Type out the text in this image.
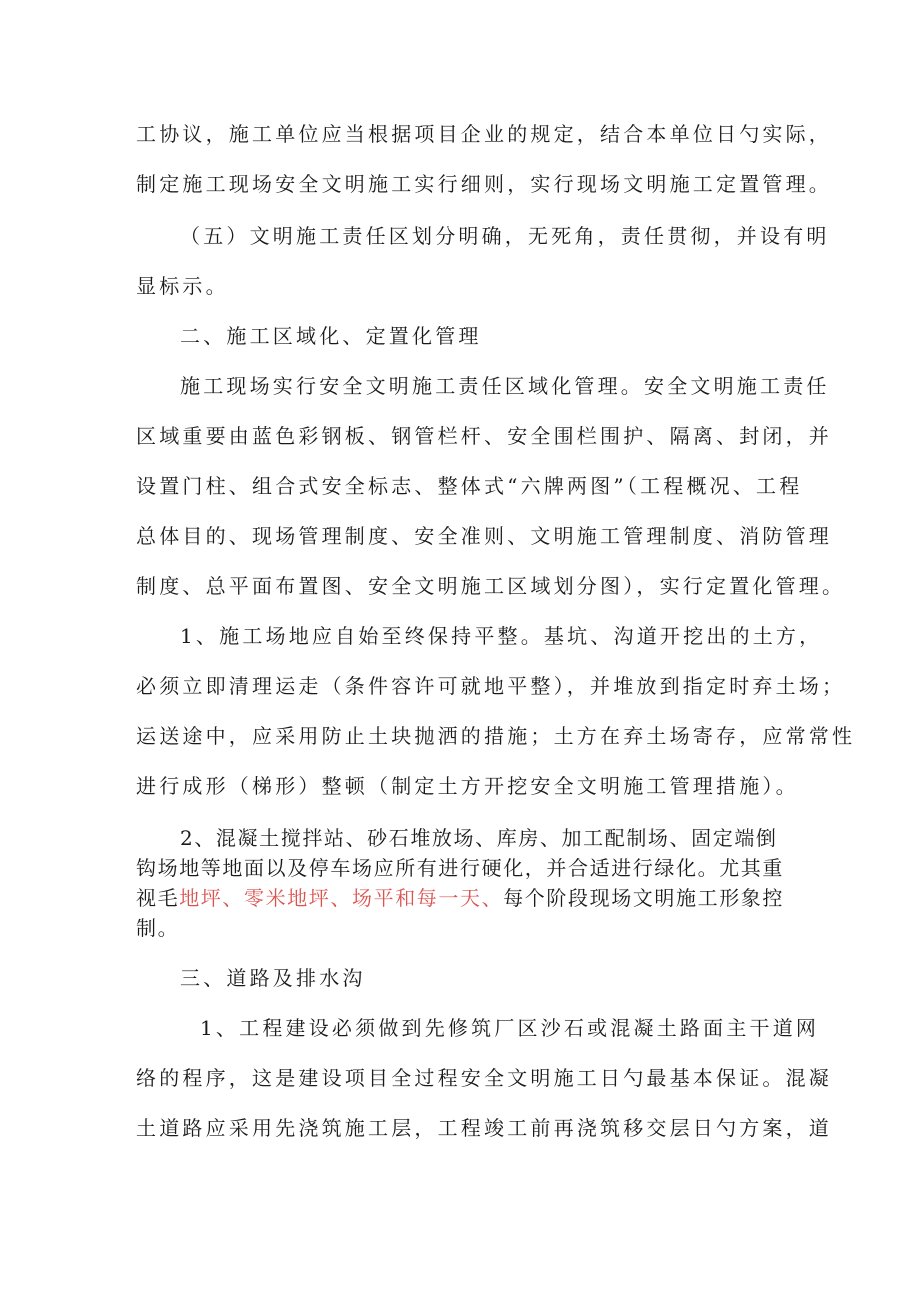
工协议，施工单位应当根据项目企业的规定，结合本单位日勺实际，
制定施工现场安全文明施工实行细则，实行现场文明施工定置管理。
（五）文明施工责任区划分明确，无死角，责任贯彻，并设有明
显标示。
二、施工区域化、定置化管理
施工现场实行安全文明施工责任区域化管理。安全文明施工责任
区域重要由蓝色彩钢板、钢管栏杆、安全围栏围护、隔离、封闭，并
设置门柱、组合式安全标志、整体式“六牌两图”（工程概况、工程
总体目的、现场管理制度、安全准则、文明施工管理制度、消防管理
制度、总平面布置图、安全文明施工区域划分图），实行定置化管理。
1、施工场地应自始至终保持平整。基坑、沟道开挖出的土方，
必须立即清理运走（条件容许可就地平整），并堆放到指定时弃土场；
运送途中，应采用防止土块抛洒的措施；土方在弃土场寄存，应常常性
进行成形（梯形）整顿（制定土方开挖安全文明施工管理措施）。
2、混凝土搅拌站、砂石堆放场、库房、加工配制场、固定端倒
钩场地等地面以及停车场应所有进行硬化，并合适进行绿化。尤其重
视毛地坪、零米地坪、场平和每一天、每个阶段现场文明施工形象控
制。
三、道路及排水沟
1、工程建设必须做到先修筑厂区沙石或混凝土路面主干道网
络的程序，这是建设项目全过程安全文明施工日勺最基本保证。混凝
土道路应采用先浇筑施工层，工程竣工前再浇筑移交层日勺方案，道
